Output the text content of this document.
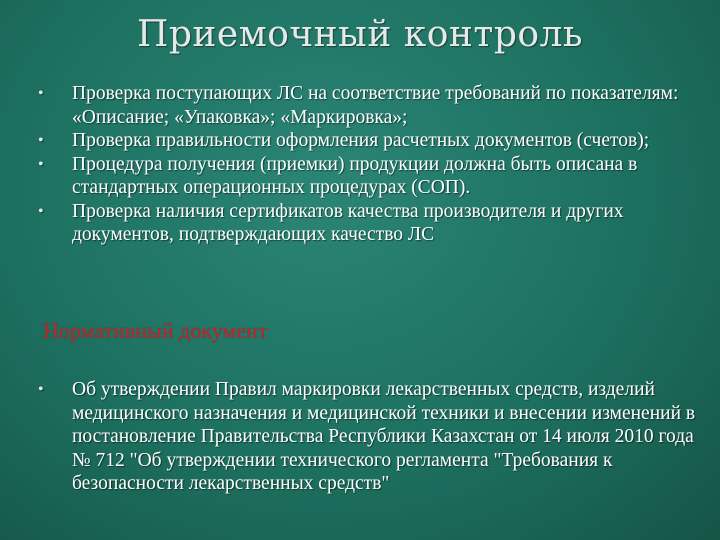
Приемочный контроль
• Проверка поступающих ЛС на соответствие требований по показателям: «Описание; «Упаковка»; «Маркировка»;
• Проверка правильности оформления расчетных документов (счетов);
• Процедура получения (приемки) продукции должна быть описана в стандартных операционных процедурах (СОП).
• Проверка наличия сертификатов качества производителя и других документов, подтверждающих качество ЛС
Нормативный документ
• Об утверждении Правил маркировки лекарственных средств, изделий медицинского назначения и медицинской техники и внесении изменений в постановление Правительства Республики Казахстан от 14 июля 2010 года № 712 "Об утверждении технического регламента "Требования к безопасности лекарственных средств"
